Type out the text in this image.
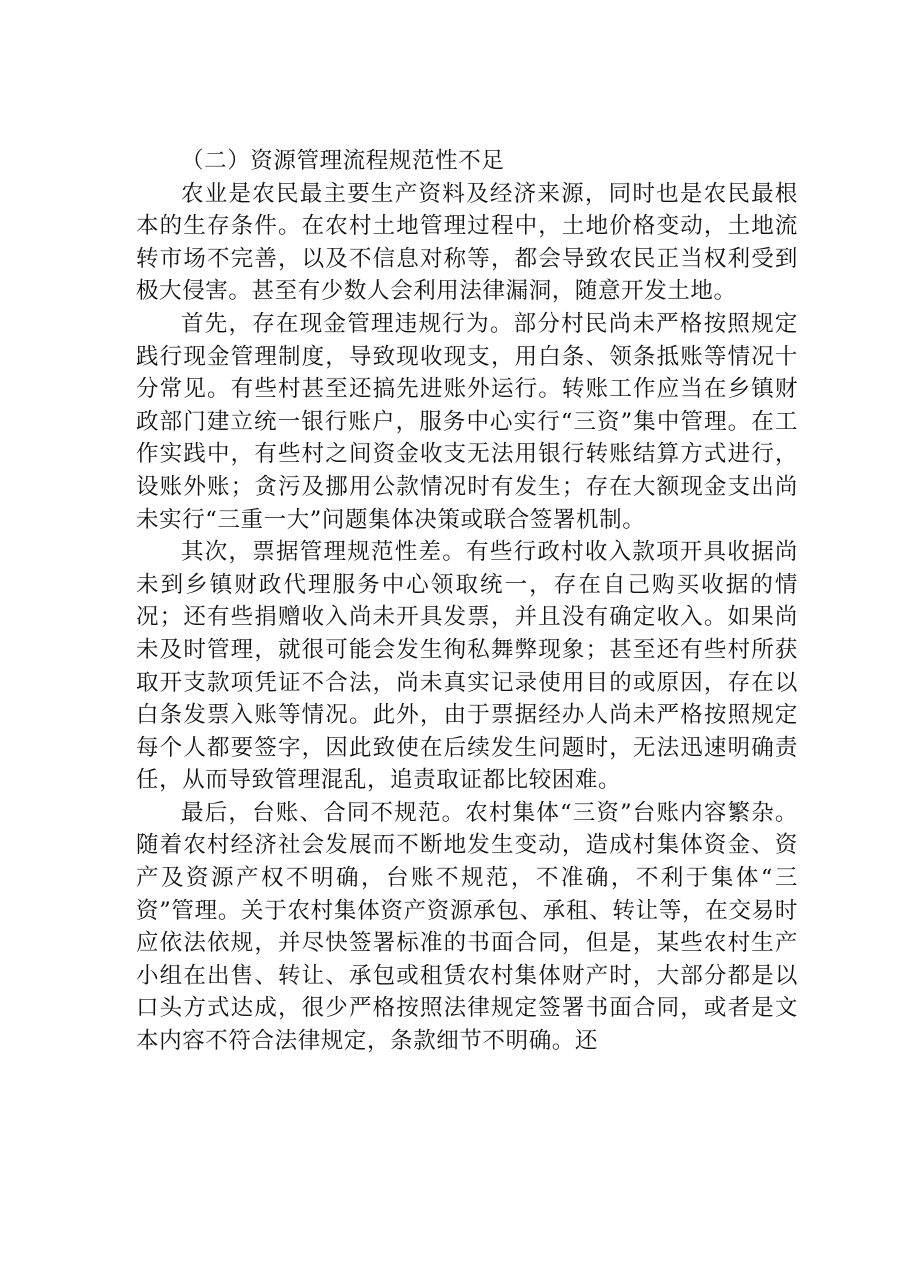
（二）资源管理流程规范性不足

农业是农民最主要生产资料及经济来源，同时也是农民最根本的生存条件。在农村土地管理过程中，土地价格变动，土地流转市场不完善，以及不信息对称等，都会导致农民正当权利受到极大侵害。甚至有少数人会利用法律漏洞，随意开发土地。

首先，存在现金管理违规行为。部分村民尚未严格按照规定践行现金管理制度，导致现收现支，用白条、领条抵账等情况十分常见。有些村甚至还搞先进账外运行。转账工作应当在乡镇财政部门建立统一银行账户，服务中心实行“三资”集中管理。在工作实践中，有些村之间资金收支无法用银行转账结算方式进行，设账外账；贪污及挪用公款情况时有发生；存在大额现金支出尚未实行“三重一大”问题集体决策或联合签署机制。

其次，票据管理规范性差。有些行政村收入款项开具收据尚未到乡镇财政代理服务中心领取统一，存在自己购买收据的情况；还有些捐赠收入尚未开具发票，并且没有确定收入。如果尚未及时管理，就很可能会发生徇私舞弊现象；甚至还有些村所获取开支款项凭证不合法，尚未真实记录使用目的或原因，存在以白条发票入账等情况。此外，由于票据经办人尚未严格按照规定每个人都要签字，因此致使在后续发生问题时，无法迅速明确责任，从而导致管理混乱，追责取证都比较困难。

最后，台账、合同不规范。农村集体“三资”台账内容繁杂。随着农村经济社会发展而不断地发生变动，造成村集体资金、资产及资源产权不明确，台账不规范，不准确，不利于集体“三资”管理。关于农村集体资产资源承包、承租、转让等，在交易时应依法依规，并尽快签署标准的书面合同，但是，某些农村生产小组在出售、转让、承包或租赁农村集体财产时，大部分都是以口头方式达成，很少严格按照法律规定签署书面合同，或者是文本内容不符合法律规定，条款细节不明确。还
